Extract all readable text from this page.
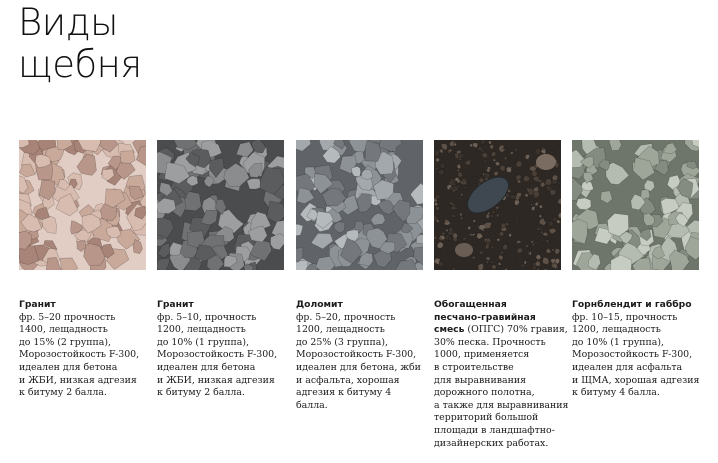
Виды
щебня
Гранит
фр. 5–20 прочность
1400, лещадность
до 15% (2 группа),
Морозостойкость F-300,
идеален для бетона
и ЖБИ, низкая адгезия
к битуму 2 балла.
Гранит
фр. 5–10, прочность
1200, лещадность
до 10% (1 группа),
Морозостойкость F-300,
идеален для бетона
и ЖБИ, низкая адгезия
к битуму 2 балла.
Доломит
фр. 5–20, прочность
1200, лещадность
до 25% (3 группа),
Морозостойкость F-300,
идеален для бетона, жби
и асфальта, хорошая
адгезия к битуму 4 балла.
Обогащенная
песчано-гравийная
смесь (ОПГС) 70% гравия,
30% песка. Прочность
1000, применяется
в строительстве
для выравнивания
дорожного полотна,
а также для выравнивания
территорий большой
площади в ландшафтно-
дизайнерских работах.
Горнблендит и габбро
фр. 10–15, прочность
1200, лещадность
до 10% (1 группа),
Морозостойкость F-300,
идеален для асфальта
и ЩМА, хорошая адгезия
к битуму 4 балла.
